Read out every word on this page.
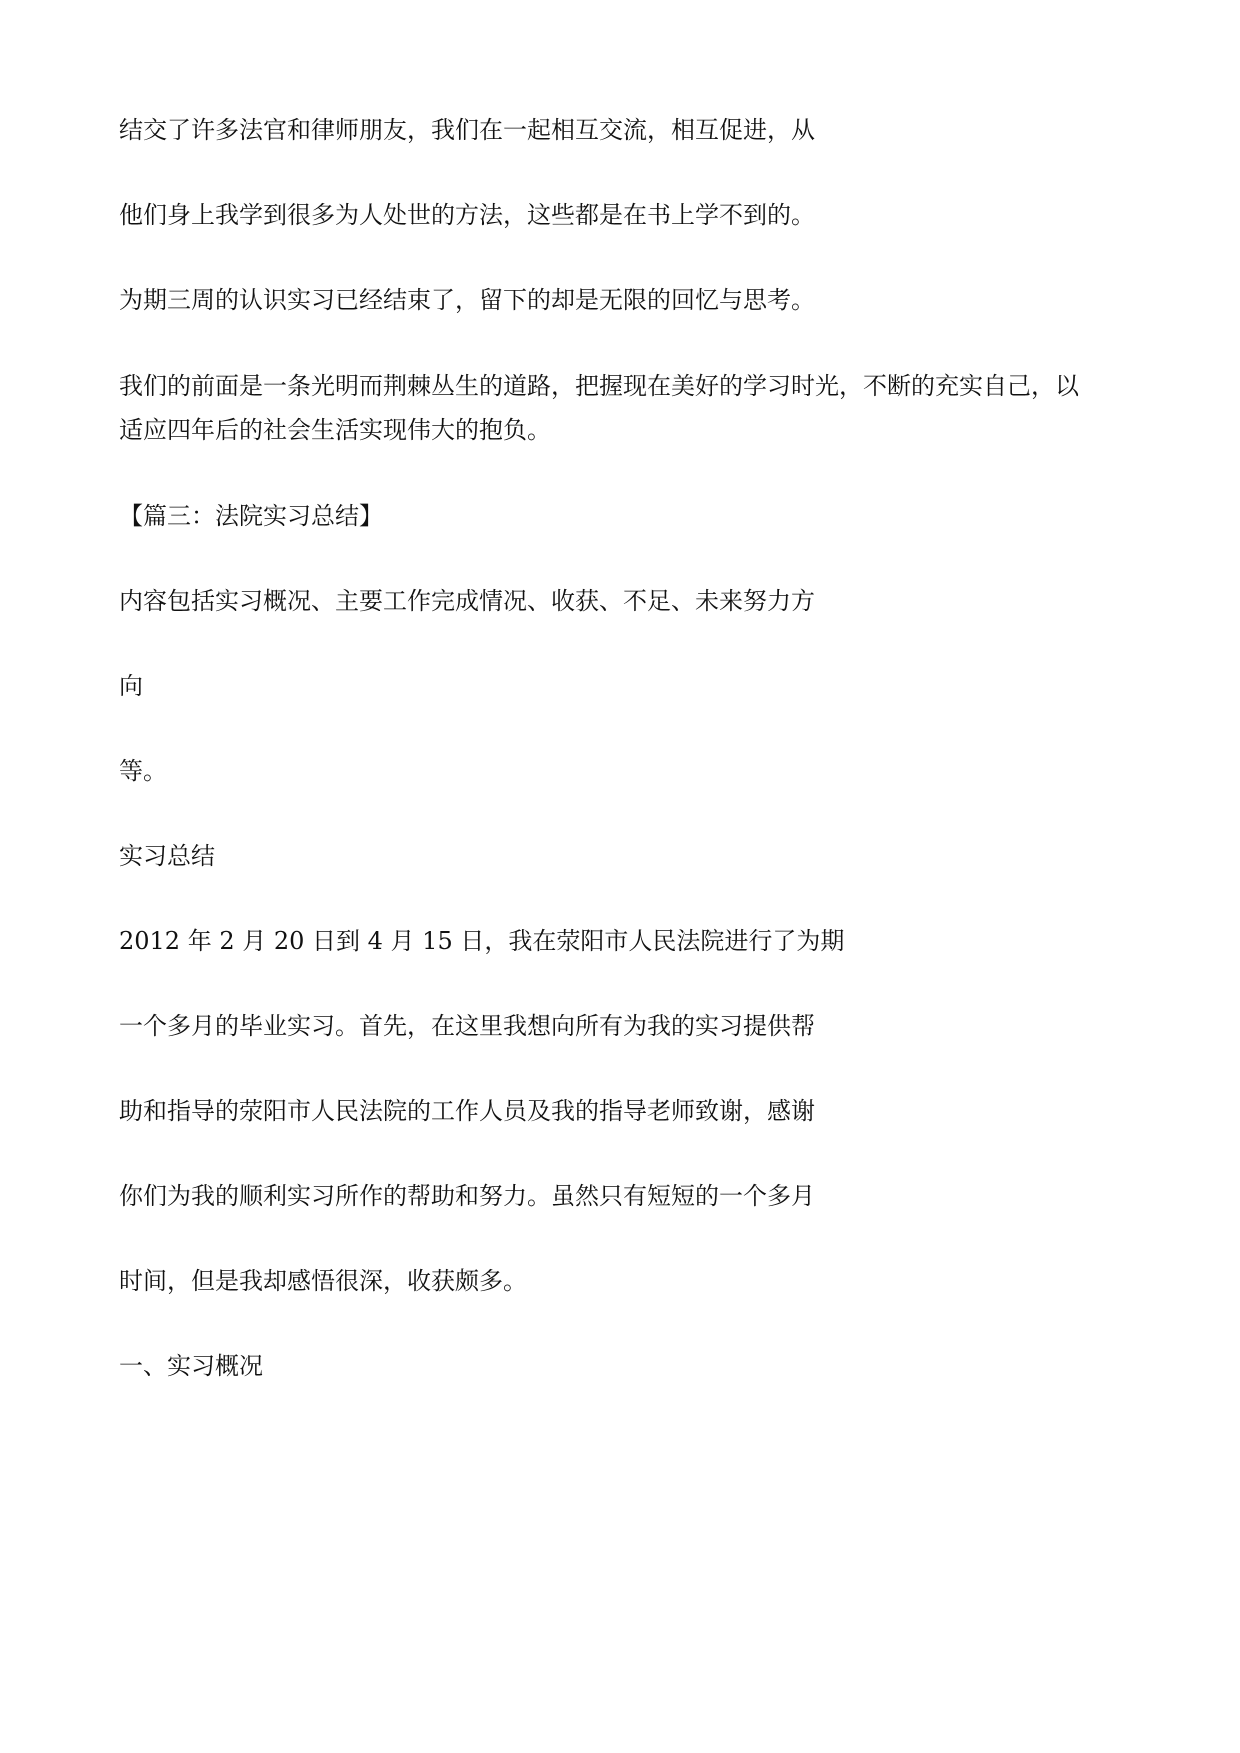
结交了许多法官和律师朋友，我们在一起相互交流，相互促进，从

他们身上我学到很多为人处世的方法，这些都是在书上学不到的。

为期三周的认识实习已经结束了，留下的却是无限的回忆与思考。

我们的前面是一条光明而荆棘丛生的道路，把握现在美好的学习时光，不断的充实自己，以

适应四年后的社会生活实现伟大的抱负。

【篇三：法院实习总结】

内容包括实习概况、主要工作完成情况、收获、不足、未来努力方

向

等。

实习总结

2012 年 2 月 20 日到 4 月 15 日，我在荥阳市人民法院进行了为期

一个多月的毕业实习。首先，在这里我想向所有为我的实习提供帮

助和指导的荥阳市人民法院的工作人员及我的指导老师致谢，感谢

你们为我的顺利实习所作的帮助和努力。虽然只有短短的一个多月

时间，但是我却感悟很深，收获颇多。

一、实习概况
